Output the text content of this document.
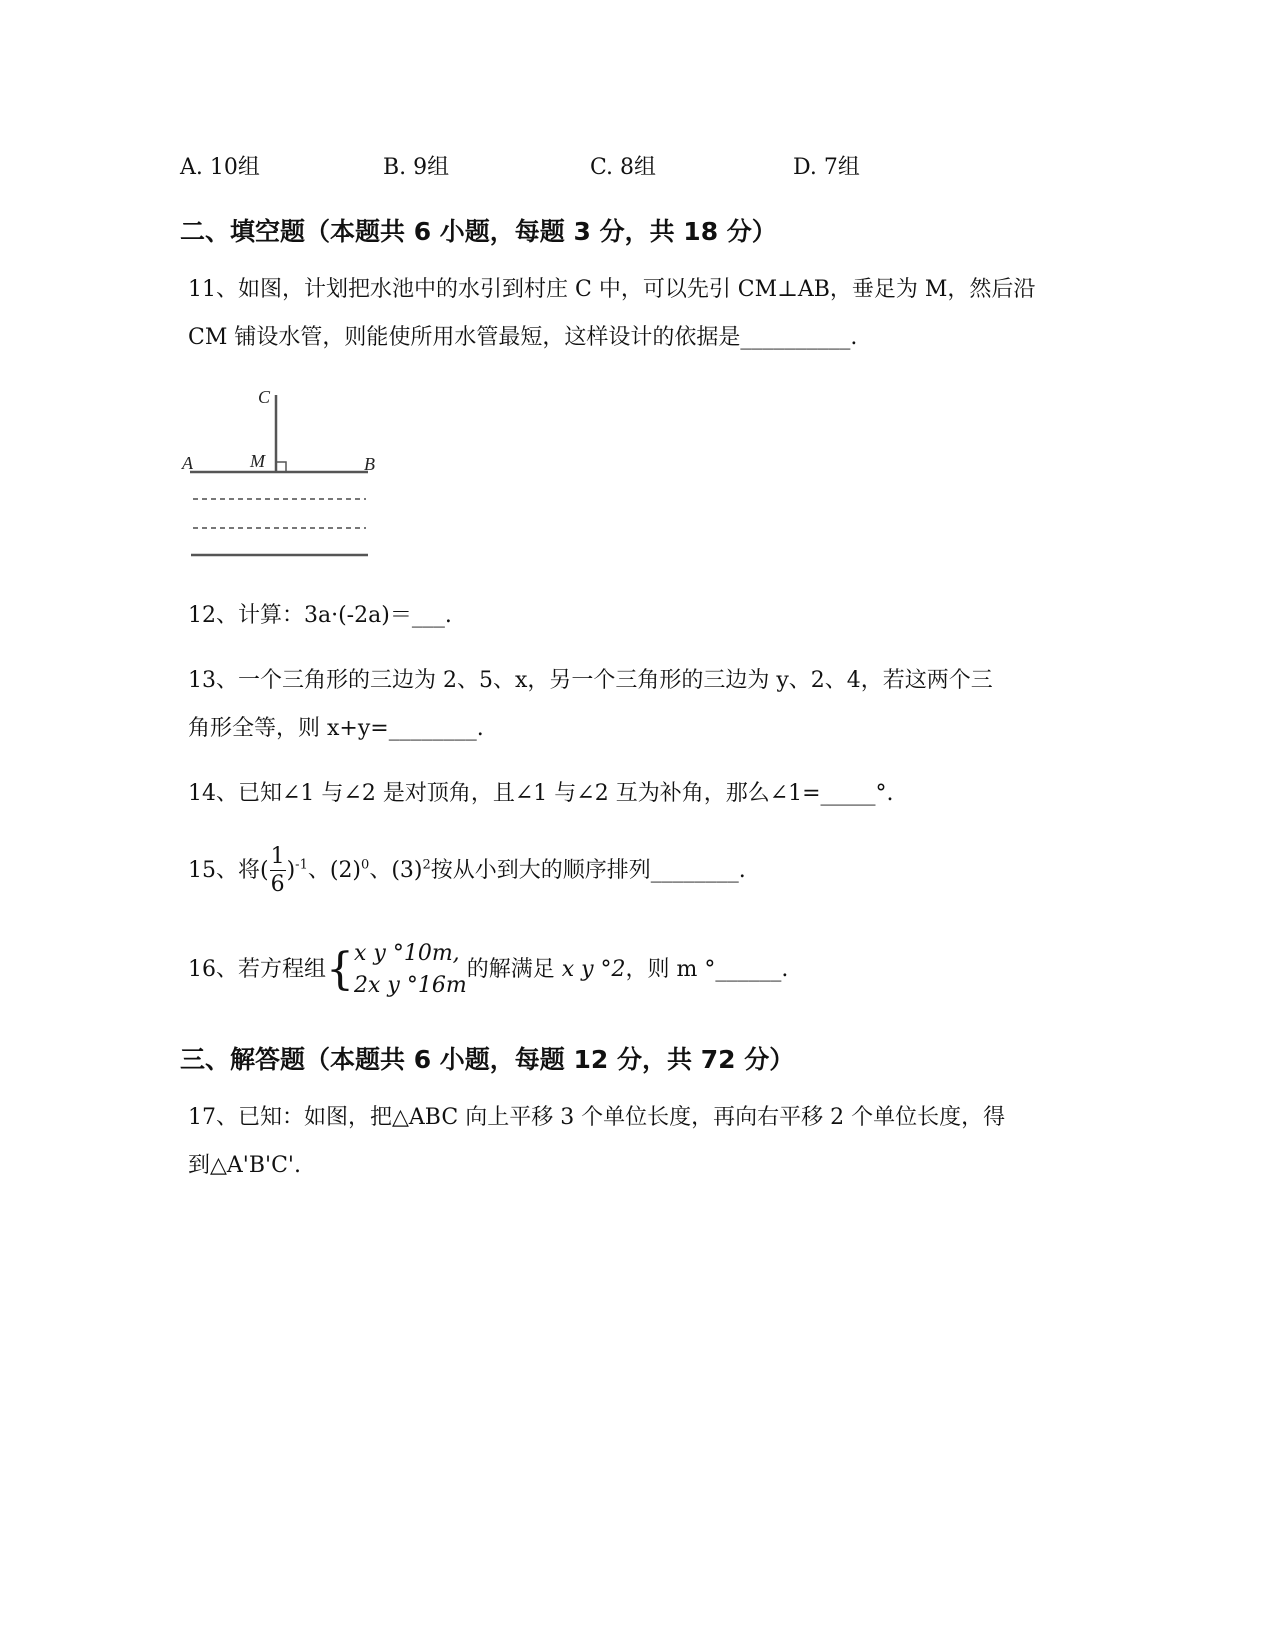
A. 10组	B. 9组	C. 8组	D. 7组
二、填空题（本题共 6 小题，每题 3 分，共 18 分）
11、如图，计划把水池中的水引到村庄 C 中，可以先引 CM⊥AB，垂足为 M，然后沿
CM 铺设水管，则能使所用水管最短，这样设计的依据是__________.
C
A	M	B
12、计算：3a·(-2a)＝___.
13、一个三角形的三边为 2、5、x，另一个三角形的三边为 y、2、4，若这两个三
角形全等，则 x+y=________.
14、已知∠1 与∠2 是对顶角，且∠1 与∠2 互为补角，那么∠1=_____°.
15、将( $\frac{1}{6} )^{-1}$、$(2)^0$、$(3)^2$按从小到大的顺序排列________.
16、若方程组{ x y °10m,
2x y °16m
的解满足 x y °2，则 m °______.
三、解答题（本题共 6 小题，每题 12 分，共 72 分）
17、已知：如图，把△ABC 向上平移 3 个单位长度，再向右平移 2 个单位长度，得
到△A'B'C'.
